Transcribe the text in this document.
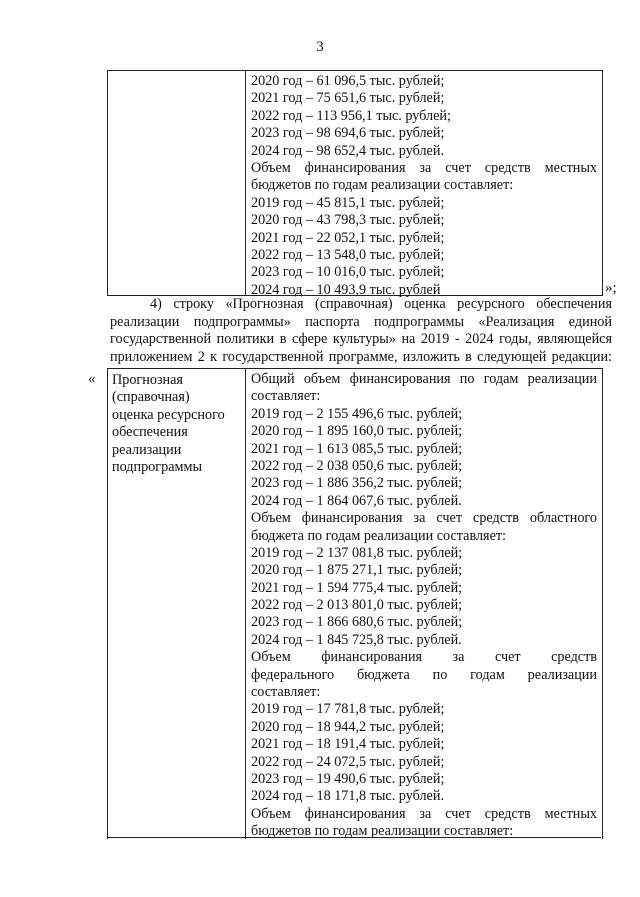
3
2020 год – 61 096,5 тыс. рублей;
2021 год – 75 651,6 тыс. рублей;
2022 год – 113 956,1 тыс. рублей;
2023 год – 98 694,6 тыс. рублей;
2024 год – 98 652,4 тыс. рублей.
Объем финансирования за счет средств местных
бюджетов по годам реализации составляет:
2019 год – 45 815,1 тыс. рублей;
2020 год – 43 798,3 тыс. рублей;
2021 год – 22 052,1 тыс. рублей;
2022 год – 13 548,0 тыс. рублей;
2023 год – 10 016,0 тыс. рублей;
2024 год – 10 493,9 тыс. рублей	»;
4) строку «Прогнозная (справочная) оценка ресурсного обеспечения
реализации подпрограммы» паспорта подпрограммы «Реализация единой
государственной политики в сфере культуры» на 2019 - 2024 годы, являющейся
приложением 2 к государственной программе, изложить в следующей редакции:
« Прогнозная
(справочная)
оценка ресурсного
обеспечения
реализации
подпрограммы
Общий объем финансирования по годам реализации
составляет:
2019 год – 2 155 496,6 тыс. рублей;
2020 год – 1 895 160,0 тыс. рублей;
2021 год – 1 613 085,5 тыс. рублей;
2022 год – 2 038 050,6 тыс. рублей;
2023 год – 1 886 356,2 тыс. рублей;
2024 год – 1 864 067,6 тыс. рублей.
Объем финансирования за счет средств областного
бюджета по годам реализации составляет:
2019 год – 2 137 081,8 тыс. рублей;
2020 год – 1 875 271,1 тыс. рублей;
2021 год – 1 594 775,4 тыс. рублей;
2022 год – 2 013 801,0 тыс. рублей;
2023 год – 1 866 680,6 тыс. рублей;
2024 год – 1 845 725,8 тыс. рублей.
Объем финансирования за счет средств
федерального бюджета по годам реализации
составляет:
2019 год – 17 781,8 тыс. рублей;
2020 год – 18 944,2 тыс. рублей;
2021 год – 18 191,4 тыс. рублей;
2022 год – 24 072,5 тыс. рублей;
2023 год – 19 490,6 тыс. рублей;
2024 год – 18 171,8 тыс. рублей.
Объем финансирования за счет средств местных
бюджетов по годам реализации составляет:
